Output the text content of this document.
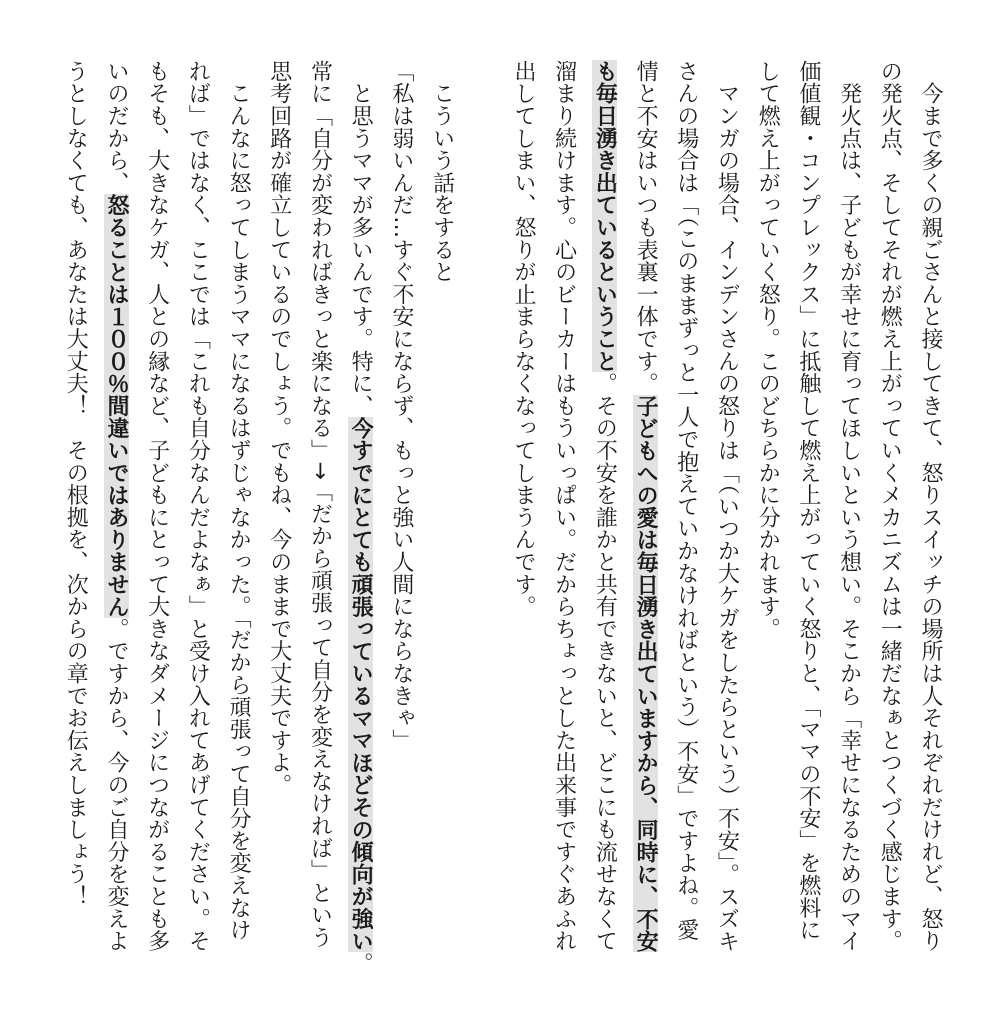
　今まで多くの親ごさんと接してきて、怒りスイッチの場所は人それぞれだけれど、怒り
の発火点、そしてそれが燃え上がっていくメカニズムは一緒だなぁとつくづく感じます。
　発火点は、子どもが幸せに育ってほしいという想い。そこから「幸せになるためのマイ
価値観・コンプレックス」に抵触して燃え上がっていく怒りと、「ママの不安」を燃料に
して燃え上がっていく怒り。このどちらかに分かれます。
　マンガの場合、インデンさんの怒りは「（いつか大ケガをしたらという）不安」。スズキ
さんの場合は「（このままずっと一人で抱えていかなければという）不安」ですよね。愛
情と不安はいつも表裏一体です。子どもへの愛は毎日湧き出ていますから、同時に、不安
も毎日湧き出ているということ。その不安を誰かと共有できないと、どこにも流せなくて
溜まり続けます。心のビーカーはもういっぱい。だからちょっとした出来事ですぐあふれ
出してしまい、怒りが止まらなくなってしまうんです。
　こういう話をすると
「私は弱いんだ…すぐ不安にならず、もっと強い人間にならなきゃ」
　と思うママが多いんです。特に、今すでにとても頑張っているママほどその傾向が強い。
常に「自分が変わればきっと楽になる」→「だから頑張って自分を変えなければ」という
思考回路が確立しているのでしょう。でもね、今のままで大丈夫ですよ。
　こんなに怒ってしまうママになるはずじゃなかった。「だから頑張って自分を変えなけ
れば」ではなく、ここでは「これも自分なんだよなぁ」と受け入れてあげてください。そ
もそも、大きなケガ、人との縁など、子どもにとって大きなダメージにつながることも多
いのだから、怒ることは１００％間違いではありません。ですから、今のご自分を変えよ
うとしなくても、あなたは大丈夫！　その根拠を、次からの章でお伝えしましょう！
